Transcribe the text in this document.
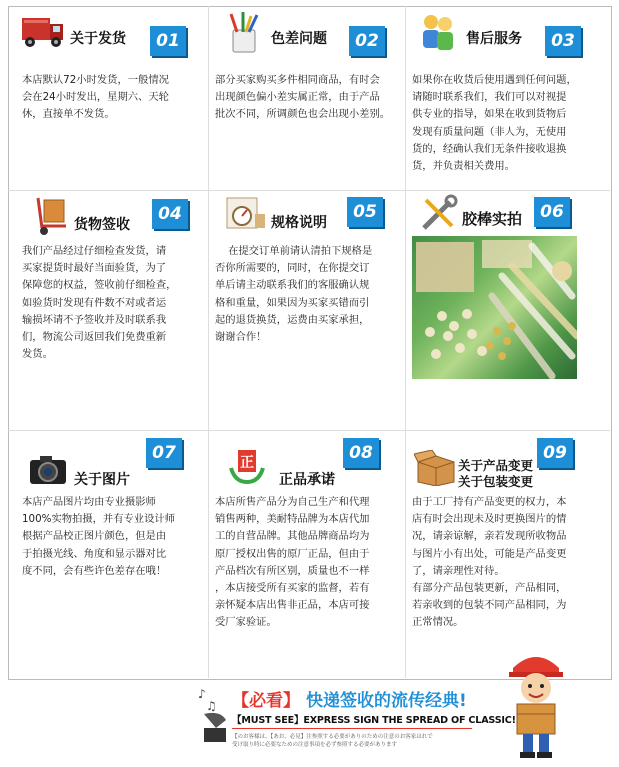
关于发货	01
本店默认72小时发货，一般情况
会在24小时发出，星期六、天轮
休，直接单不发货。
色差问题	02
部分买家购买多件相同商品，有时会
出现颜色偏小差实属正常，由于产品
批次不同，所调颜色也会出现小差别。
售后服务	03
如果你在收货后使用遇到任何问题，
请随时联系我们，我们可以对视提
供专业的指导，如果在收到货物后
发现有质量问题（非人为，无使用
货的，经确认我们无条件接收退换
货，并负责相关费用。
货物签收
04
我们产品经过仔细检查发货，请
买家提货时最好当面验货，为了
保障您的权益，签收前仔细检查，
如验货时发现有件数不对或者运
输损坏请不予签收并及时联系我
们，物流公司返回我们免费重新
发货。
规格说明
05
在提交订单前请认清拍下规格是
否你所需要的，同时，在你提交订
单后请主动联系我们的客服确认规
格和重量，如果因为买家买错而引
起的退货换货，运费由买家承担，
谢谢合作！
胶棒实拍	06
关于图片
07
本店产品图片均由专业摄影师
100%实物拍摄，并有专业设计师
根据产品校正图片颜色，但是由
于拍摄光线、角度和显示器对比
度不同，会有些许色差存在哦！
正
正品承诺
08
本店所售产品分为自己生产和代理
销售两种，美耐特品牌为本店代加
工的自营品牌。其他品牌商品均为
原厂授权出售的原厂正品，但由于
产品档次有所区别，质量也不一样
，本店接受所有买家的监督，若有
亲怀疑本店出售非正品，本店可接
受厂家验证。
关于产品变更
关于包装变更
09
由于工厂持有产品变更的权力，本
店有时会出现未及时更换图片的情
况，请亲谅解，亲若发现所收物品
与图片小有出处，可能是产品变更
了，请亲理性对待。
有部分产品包装更新，产品相同，
若亲收到的包装不同产品相同，为
正常情况。
♪
♫ 【必看】 快递签收的流传经典!
【MUST SEE】EXPRESS SIGN THE SPREAD OF CLASSIC!
【のお客様は、【あお、必見】注参照する必要がありのための注意のお客家はれで
受け取り時に必要なための注意事項を必ず参照する必要があります
